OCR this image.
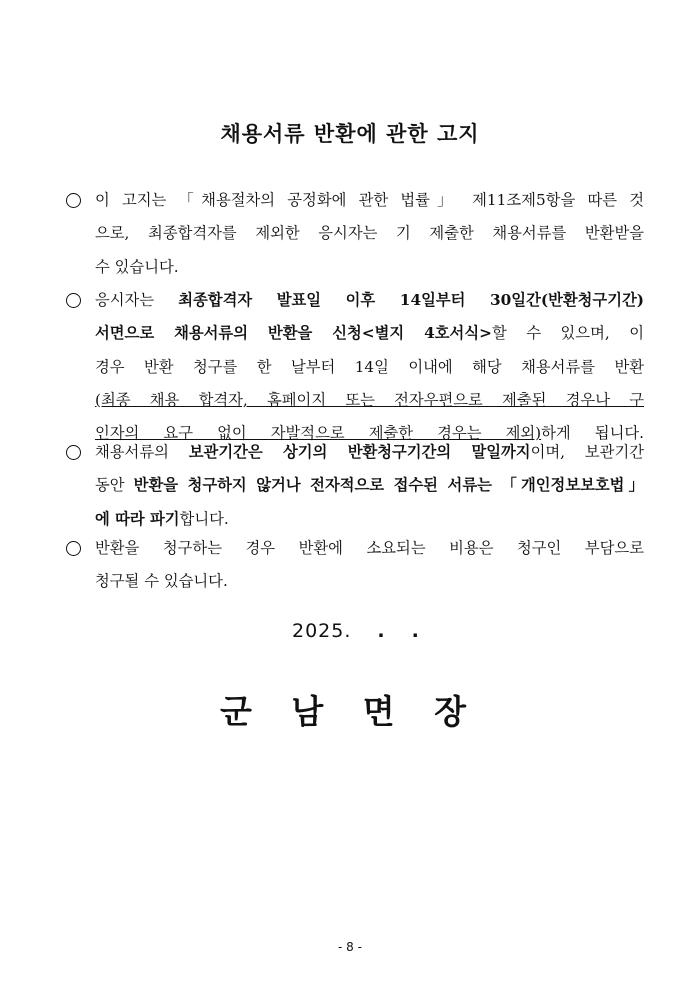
채용서류 반환에 관한 고지
이 고지는 「채용절차의 공정화에 관한 법률」 제11조제5항을 따른 것
으로, 최종합격자를 제외한 응시자는 기 제출한 채용서류를 반환받을
수 있습니다.
응시자는 최종합격자 발표일 이후 14일부터 30일간(반환청구기간)
서면으로 채용서류의 반환을 신청<별지 4호서식>할 수 있으며, 이
경우 반환 청구를 한 날부터 14일 이내에 해당 채용서류를 반환
(최종 채용 합격자, 홈페이지 또는 전자우편으로 제출된 경우나 구
인자의 요구 없이 자발적으로 제출한 경우는 제외)하게 됩니다.
채용서류의 보관기간은 상기의 반환청구기간의 말일까지이며, 보관기간
동안 반환을 청구하지 않거나 전자적으로 접수된 서류는 「개인정보보호법」
에 따라 파기합니다.
반환을 청구하는 경우 반환에 소요되는 비용은 청구인 부담으로
청구될 수 있습니다.
2025. . .
군 남 면 장
- 8 -
